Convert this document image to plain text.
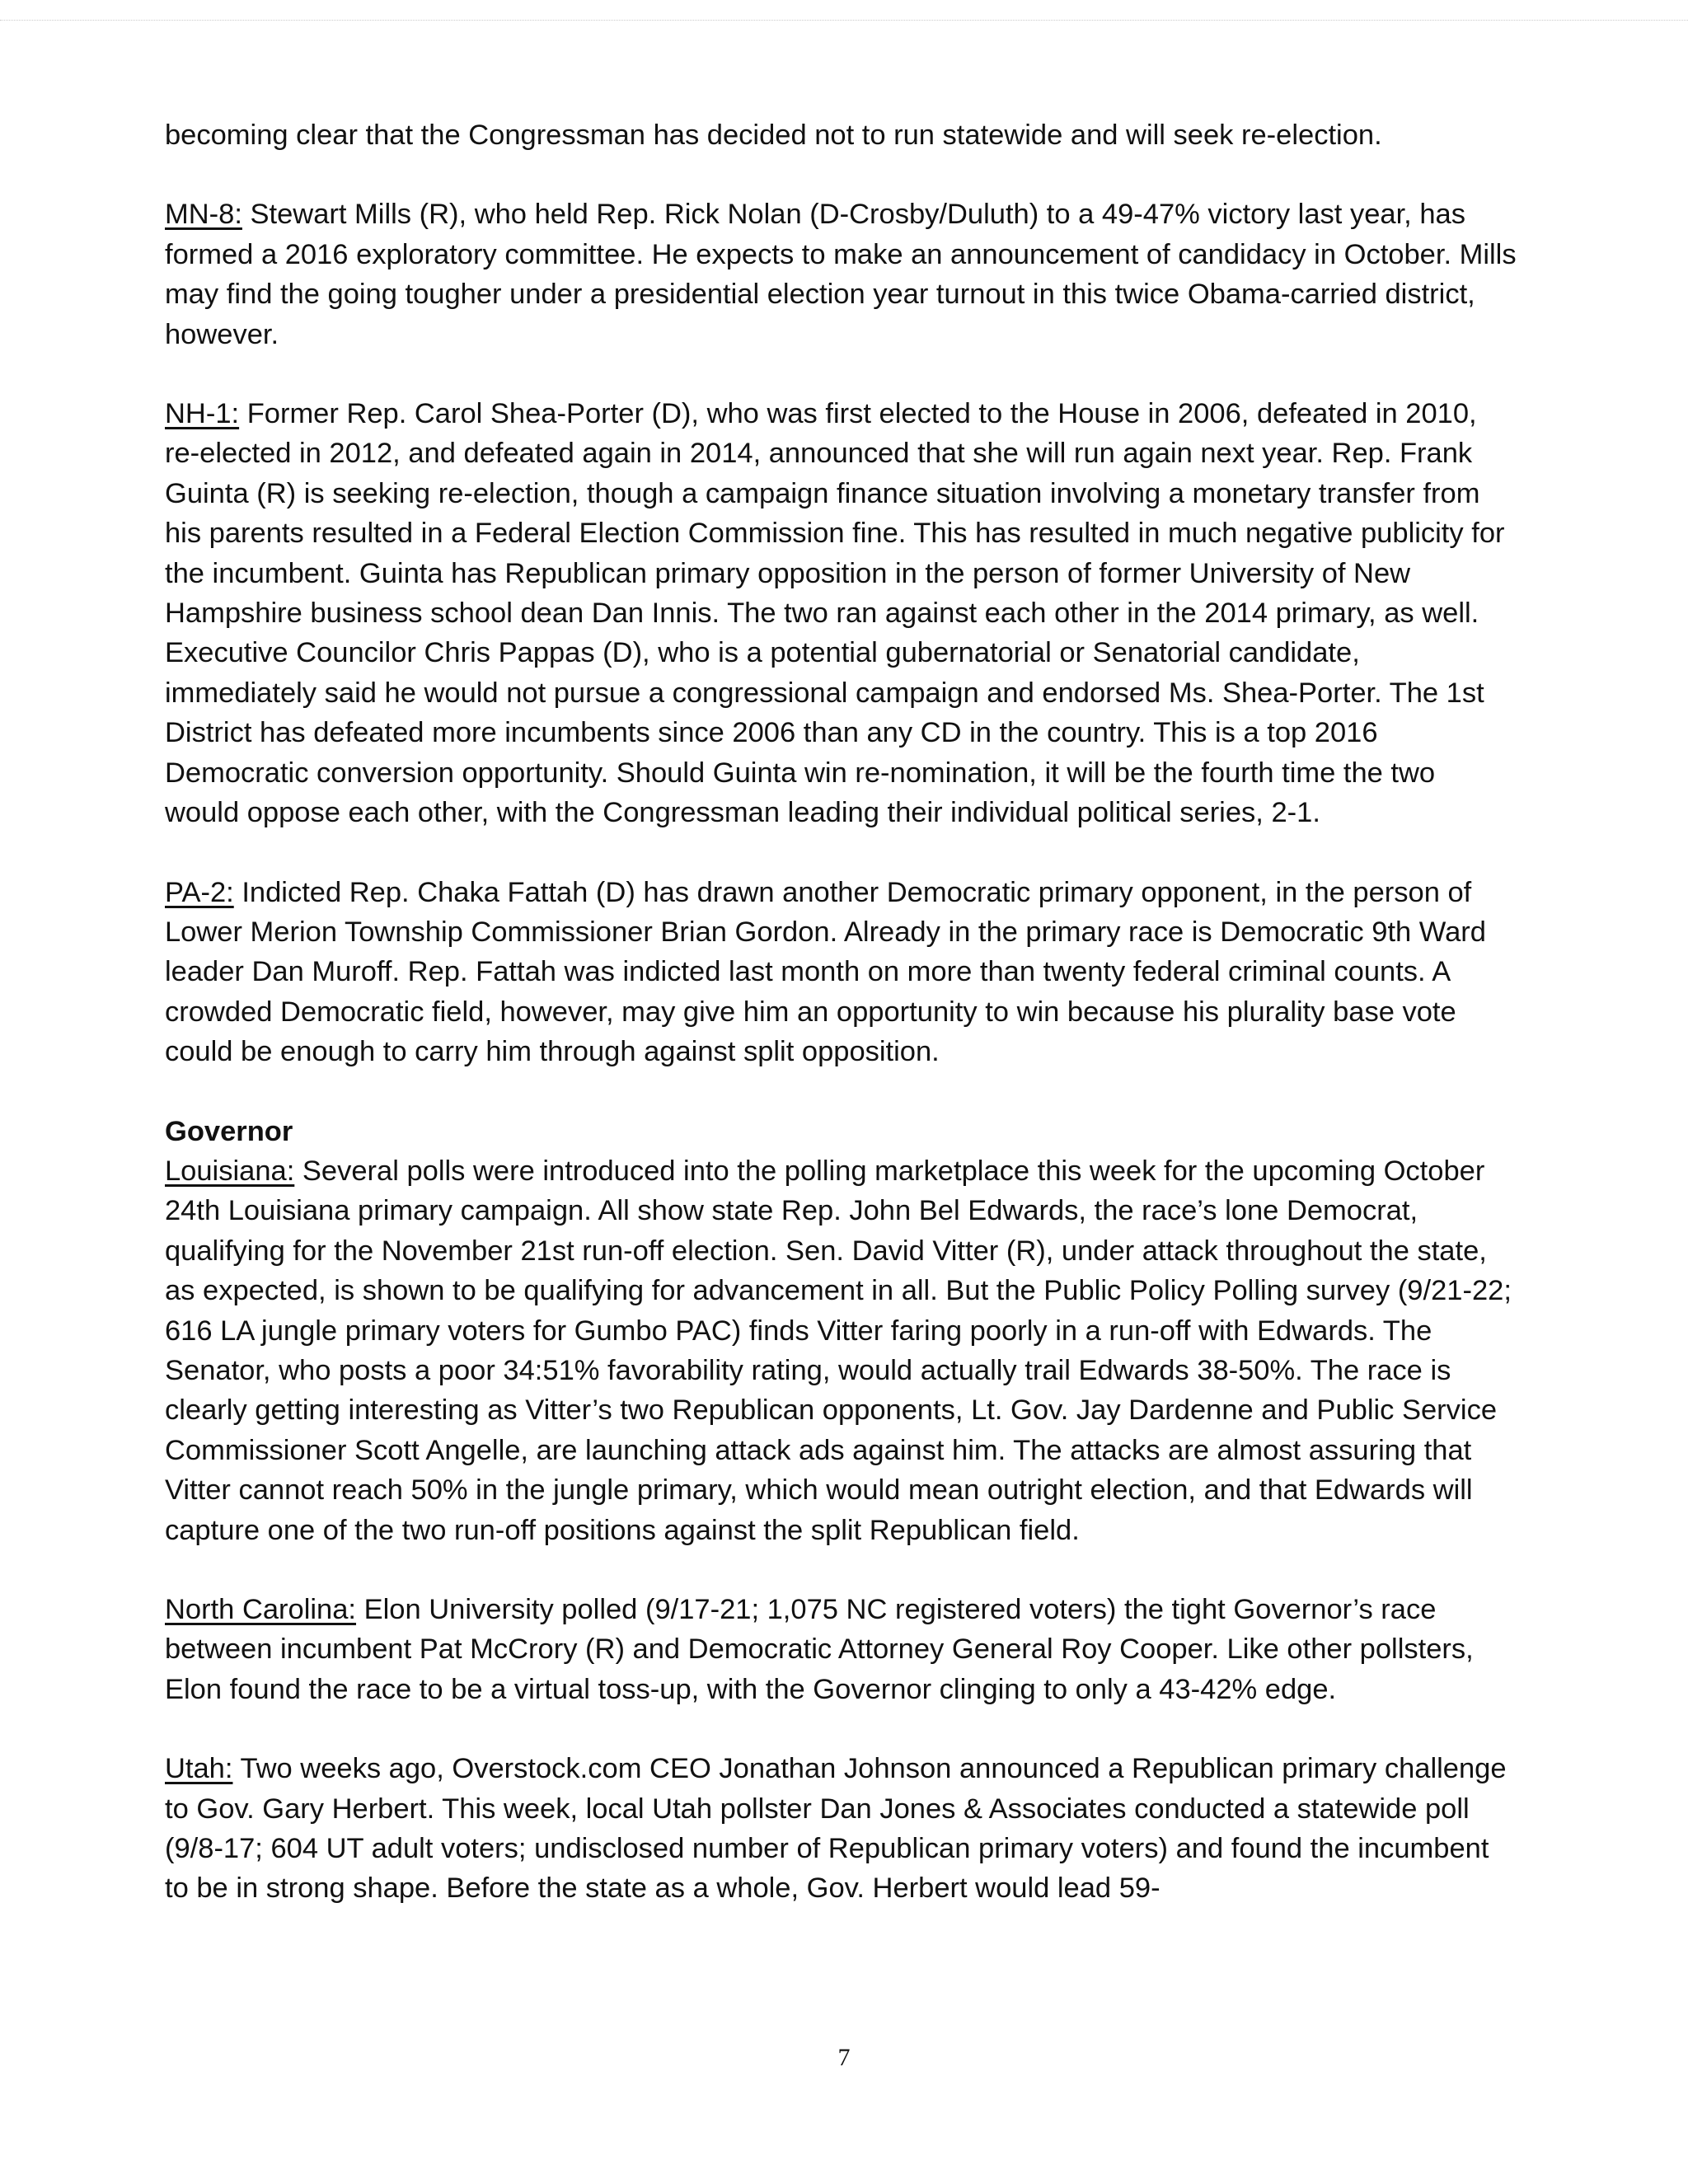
becoming clear that the Congressman has decided not to run statewide and will seek re-election.

MN-8: Stewart Mills (R), who held Rep. Rick Nolan (D-Crosby/Duluth) to a 49-47% victory last year, has formed a 2016 exploratory committee. He expects to make an announcement of candidacy in October. Mills may find the going tougher under a presidential election year turnout in this twice Obama-carried district, however.

NH-1: Former Rep. Carol Shea-Porter (D), who was first elected to the House in 2006, defeated in 2010, re-elected in 2012, and defeated again in 2014, announced that she will run again next year. Rep. Frank Guinta (R) is seeking re-election, though a campaign finance situation involving a monetary transfer from his parents resulted in a Federal Election Commission fine. This has resulted in much negative publicity for the incumbent. Guinta has Republican primary opposition in the person of former University of New Hampshire business school dean Dan Innis. The two ran against each other in the 2014 primary, as well. Executive Councilor Chris Pappas (D), who is a potential gubernatorial or Senatorial candidate, immediately said he would not pursue a congressional campaign and endorsed Ms. Shea-Porter. The 1st District has defeated more incumbents since 2006 than any CD in the country. This is a top 2016 Democratic conversion opportunity. Should Guinta win re-nomination, it will be the fourth time the two would oppose each other, with the Congressman leading their individual political series, 2-1.

PA-2: Indicted Rep. Chaka Fattah (D) has drawn another Democratic primary opponent, in the person of Lower Merion Township Commissioner Brian Gordon. Already in the primary race is Democratic 9th Ward leader Dan Muroff. Rep. Fattah was indicted last month on more than twenty federal criminal counts. A crowded Democratic field, however, may give him an opportunity to win because his plurality base vote could be enough to carry him through against split opposition.

Governor

Louisiana: Several polls were introduced into the polling marketplace this week for the upcoming October 24th Louisiana primary campaign. All show state Rep. John Bel Edwards, the race’s lone Democrat, qualifying for the November 21st run-off election. Sen. David Vitter (R), under attack throughout the state, as expected, is shown to be qualifying for advancement in all. But the Public Policy Polling survey (9/21-22; 616 LA jungle primary voters for Gumbo PAC) finds Vitter faring poorly in a run-off with Edwards. The Senator, who posts a poor 34:51% favorability rating, would actually trail Edwards 38-50%. The race is clearly getting interesting as Vitter’s two Republican opponents, Lt. Gov. Jay Dardenne and Public Service Commissioner Scott Angelle, are launching attack ads against him. The attacks are almost assuring that Vitter cannot reach 50% in the jungle primary, which would mean outright election, and that Edwards will capture one of the two run-off positions against the split Republican field.

North Carolina: Elon University polled (9/17-21; 1,075 NC registered voters) the tight Governor’s race between incumbent Pat McCrory (R) and Democratic Attorney General Roy Cooper. Like other pollsters, Elon found the race to be a virtual toss-up, with the Governor clinging to only a 43-42% edge.

Utah: Two weeks ago, Overstock.com CEO Jonathan Johnson announced a Republican primary challenge to Gov. Gary Herbert. This week, local Utah pollster Dan Jones & Associates conducted a statewide poll (9/8-17; 604 UT adult voters; undisclosed number of Republican primary voters) and found the incumbent to be in strong shape. Before the state as a whole, Gov. Herbert would lead 59-

7
